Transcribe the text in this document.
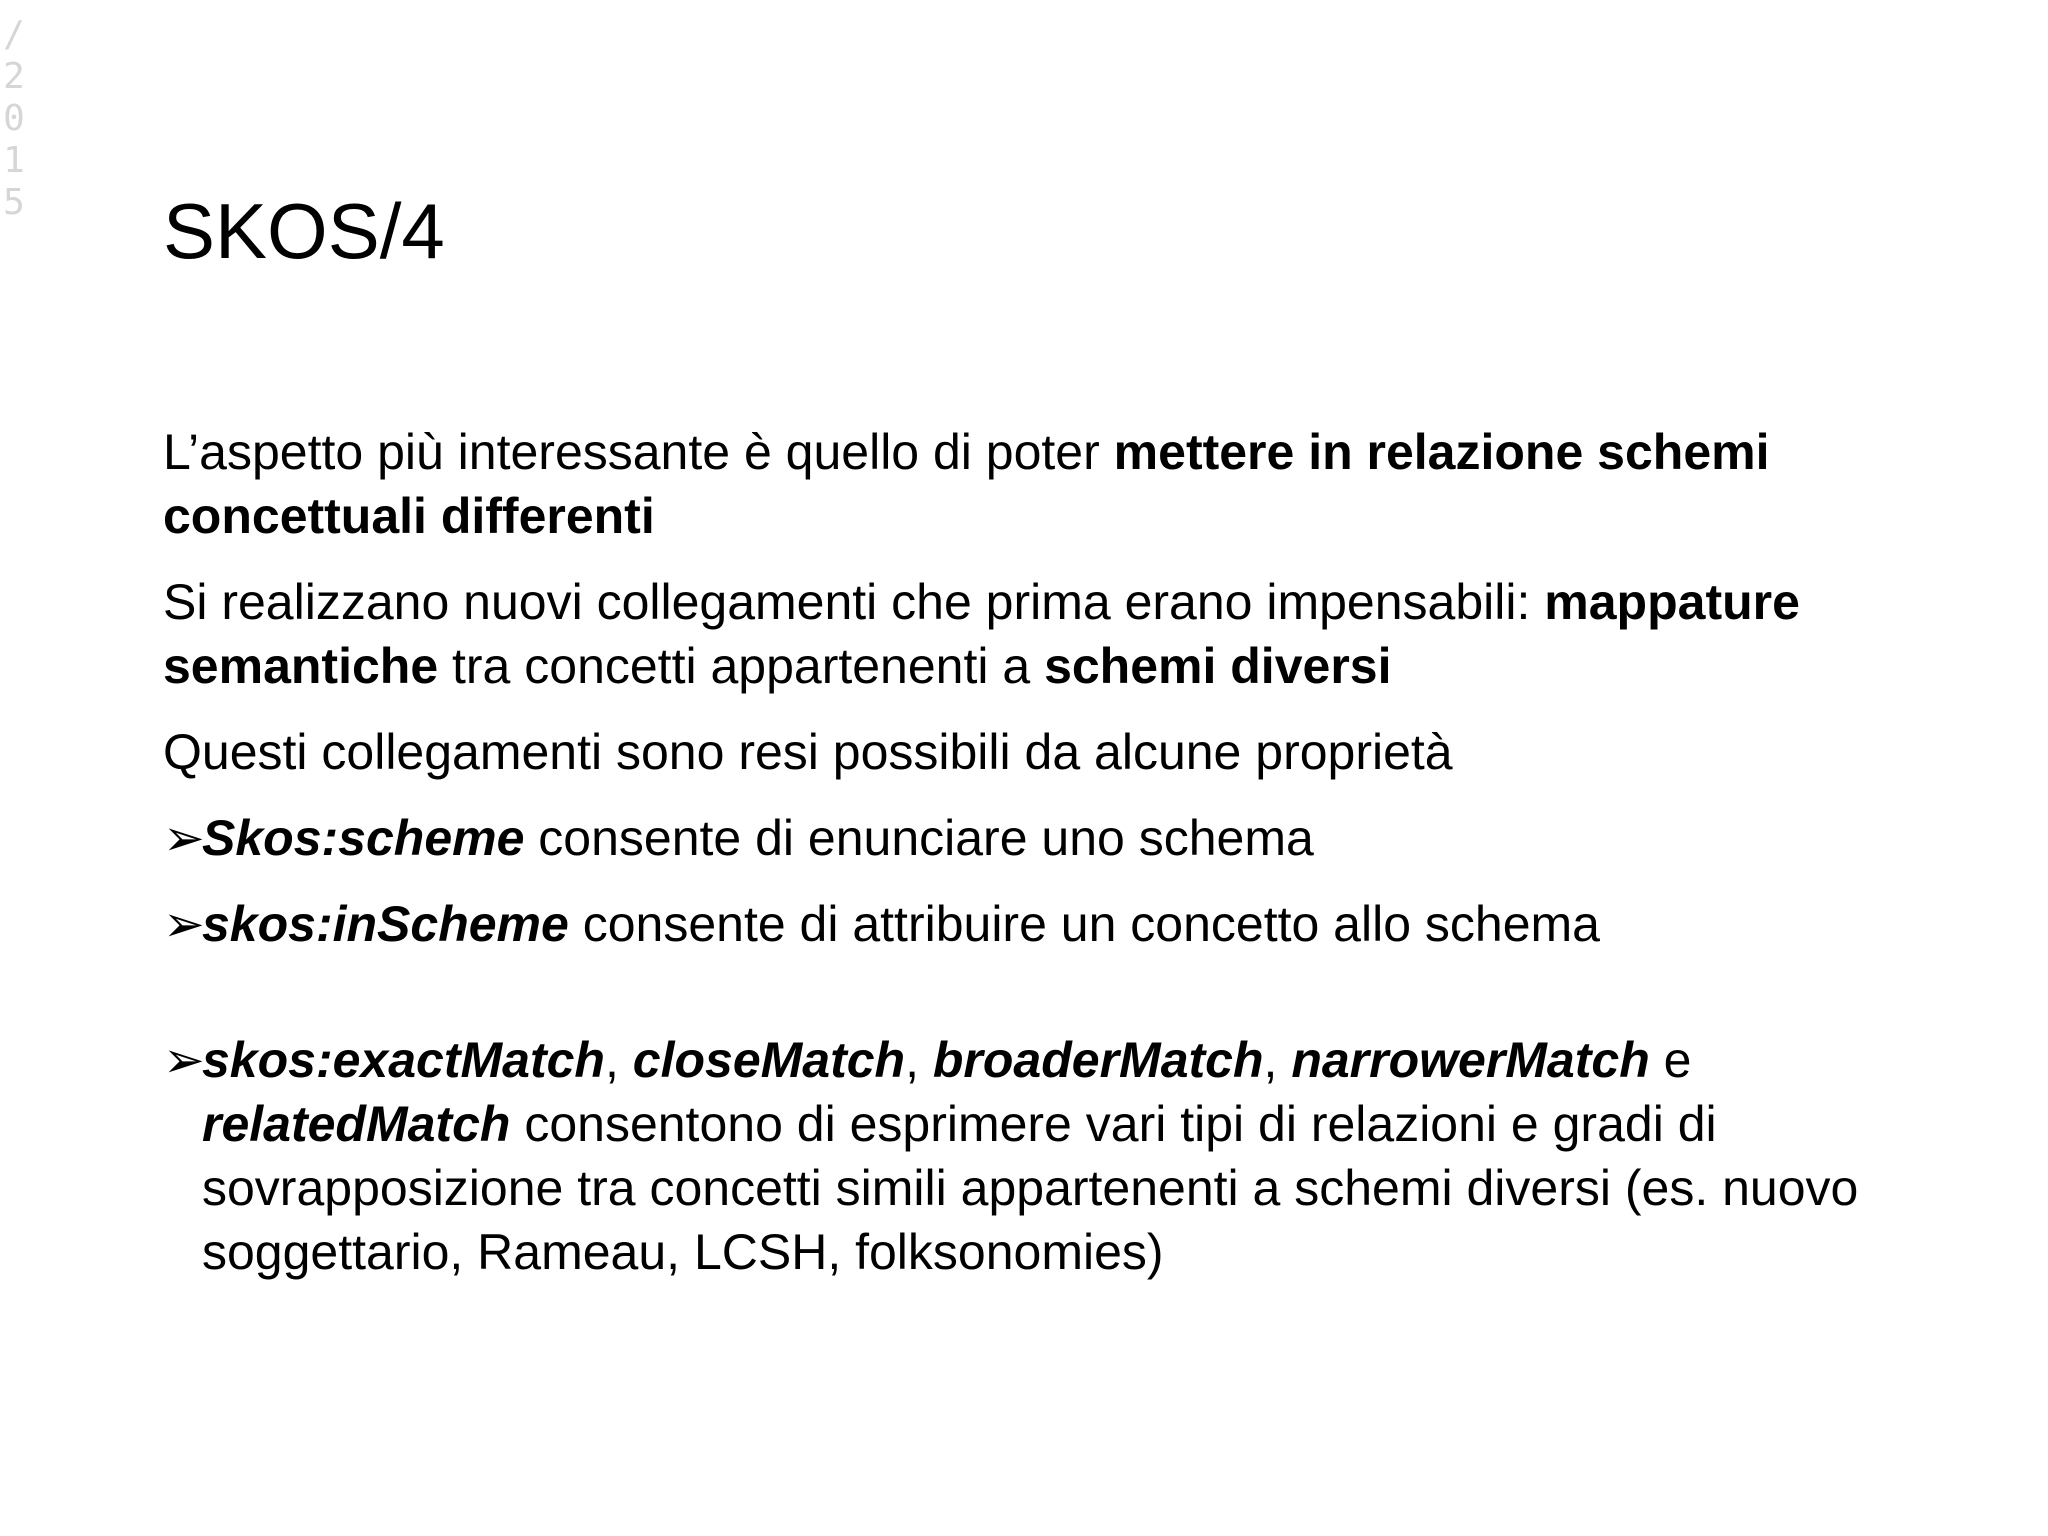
/
2
0
1
5 SKOS/4

L’aspetto più interessante è quello di poter mettere in relazione schemi concettuali differenti

Si realizzano nuovi collegamenti che prima erano impensabili: mappature semantiche tra concetti appartenenti a schemi diversi

Questi collegamenti sono resi possibili da alcune proprietà

➢
Skos:scheme consente di enunciare uno schema

➢
skos:inScheme consente di attribuire un concetto allo schema

➢
skos:exactMatch, closeMatch, broaderMatch, narrowerMatch e relatedMatch consentono di esprimere vari tipi di relazioni e gradi di sovrapposizione tra concetti simili appartenenti a schemi diversi (es. nuovo soggettario, Rameau, LCSH, folksonomies)
